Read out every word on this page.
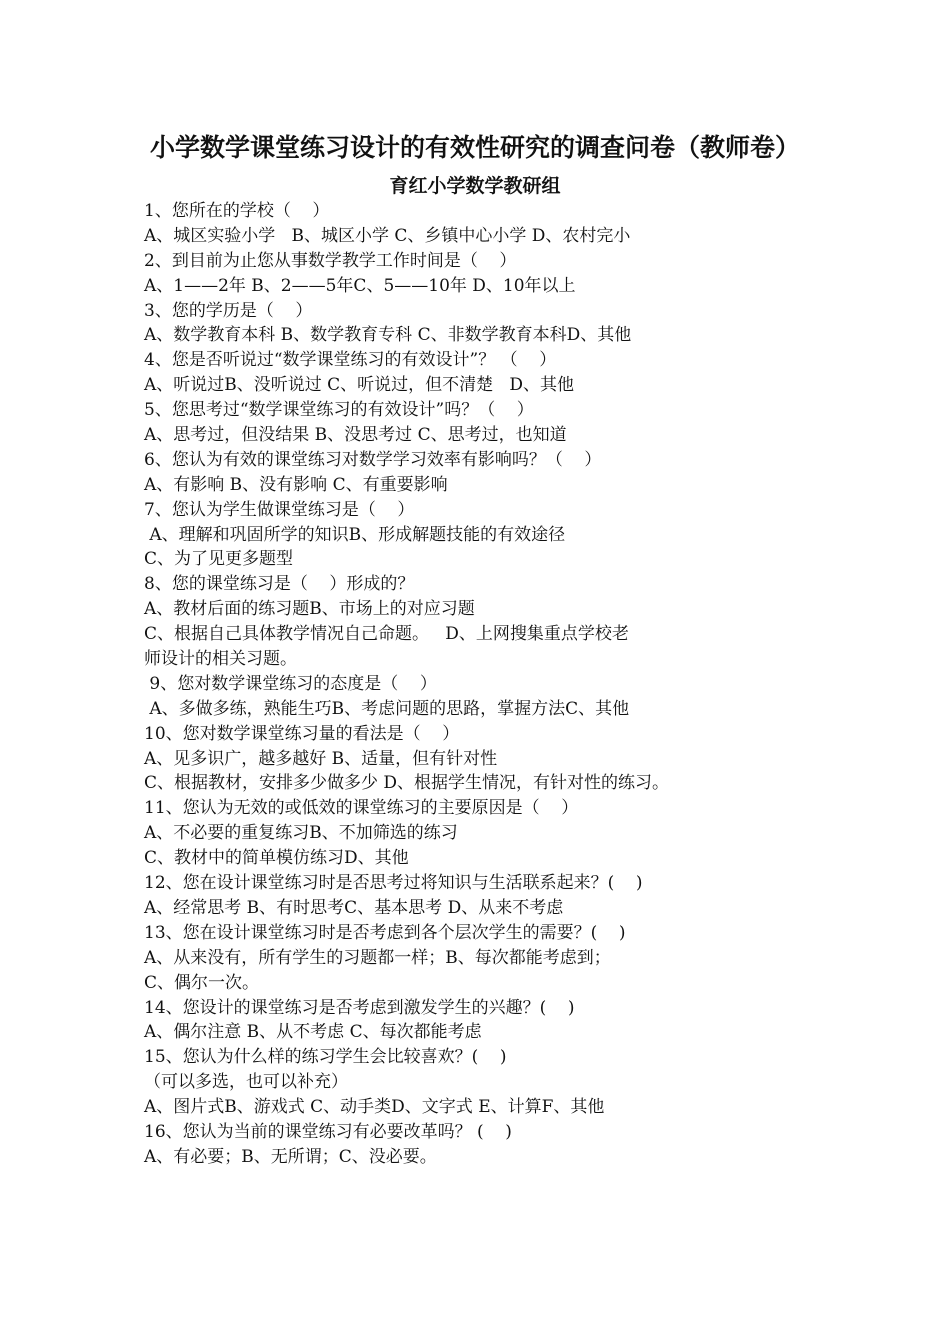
小学数学课堂练习设计的有效性研究的调查问卷（教师卷）
育红小学数学教研组
1、您所在的学校（    ）
A、城区实验小学   B、城区小学 C、乡镇中心小学 D、农村完小
2、到目前为止您从事数学教学工作时间是（    ）
A、1——2年 B、2——5年C、5——10年 D、10年以上
3、您的学历是（    ）
A、数学教育本科 B、数学教育专科 C、非数学教育本科D、其他
4、您是否听说过“数学课堂练习的有效设计”？ （    ）
A、听说过B、没听说过 C、听说过，但不清楚   D、其他
5、您思考过“数学课堂练习的有效设计”吗？（    ）
A、思考过，但没结果 B、没思考过 C、思考过，也知道
6、您认为有效的课堂练习对数学学习效率有影响吗？（    ）
A、有影响 B、没有影响 C、有重要影响
7、您认为学生做课堂练习是（    ）
A、理解和巩固所学的知识B、形成解题技能的有效途径
C、为了见更多题型
8、您的课堂练习是（    ）形成的？
A、教材后面的练习题B、市场上的对应习题
C、根据自己具体教学情况自己命题。   D、上网搜集重点学校老
师设计的相关习题。
9、您对数学课堂练习的态度是（    ）
A、多做多练，熟能生巧B、考虑问题的思路，掌握方法C、其他
10、您对数学课堂练习量的看法是（    ）
A、见多识广，越多越好 B、适量，但有针对性
C、根据教材，安排多少做多少 D、根据学生情况，有针对性的练习。
11、您认为无效的或低效的课堂练习的主要原因是（    ）
A、不必要的重复练习B、不加筛选的练习
C、教材中的简单模仿练习D、其他
12、您在设计课堂练习时是否思考过将知识与生活联系起来？(    )
A、经常思考 B、有时思考C、基本思考 D、从来不考虑
13、您在设计课堂练习时是否考虑到各个层次学生的需要？(    )
A、从来没有，所有学生的习题都一样；B、每次都能考虑到；
C、偶尔一次。
14、您设计的课堂练习是否考虑到激发学生的兴趣？(    )
A、偶尔注意 B、从不考虑 C、每次都能考虑
15、您认为什么样的练习学生会比较喜欢？(    )
（可以多选，也可以补充）
A、图片式B、游戏式 C、动手类D、文字式 E、计算F、其他
16、您认为当前的课堂练习有必要改革吗？ (    )
A、有必要；B、无所谓；C、没必要。
